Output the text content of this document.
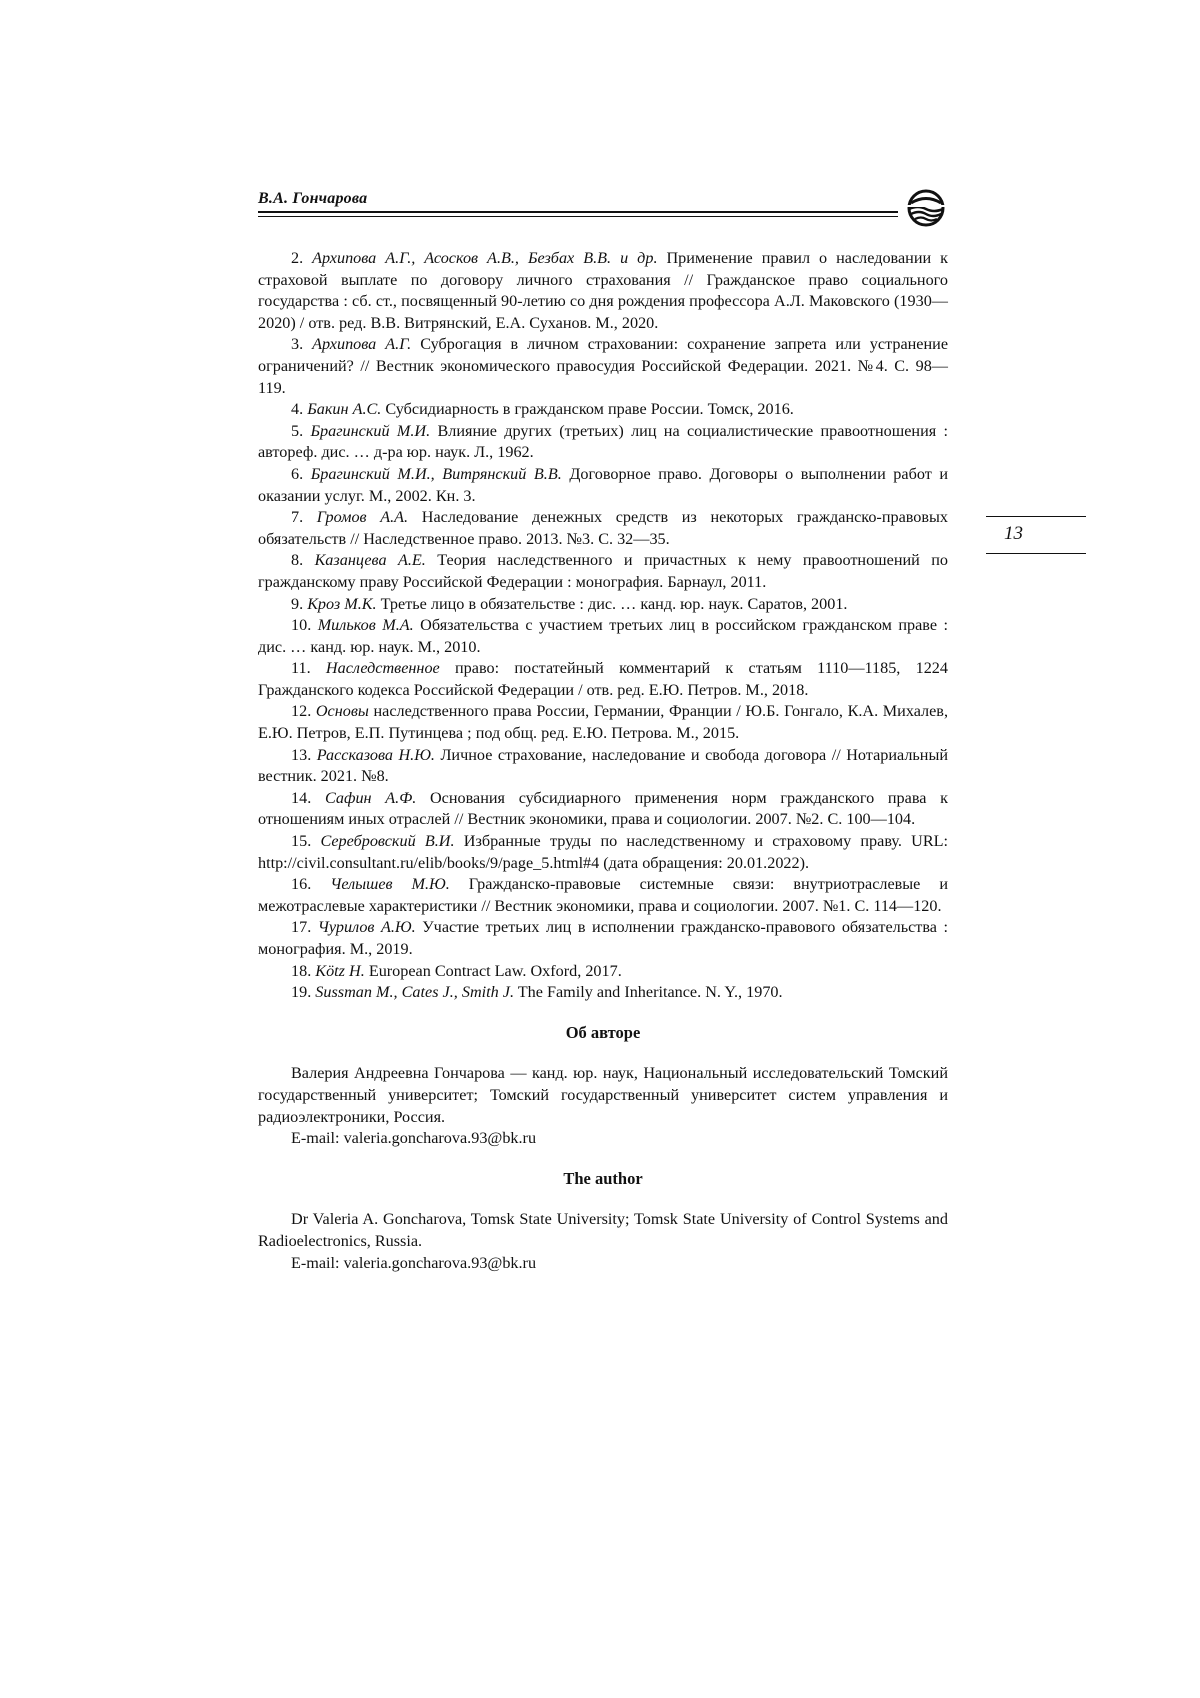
В.А. Гончарова
13

2. Архипова А.Г., Асосков А.В., Безбах В.В. и др. Применение правил о наследовании к страховой выплате по договору личного страхования // Гражданское право социального государства : сб. ст., посвященный 90-летию со дня рождения профессора А.Л. Маковского (1930—2020) / отв. ред. В.В. Витрянский, Е.А. Суханов. М., 2020.

3. Архипова А.Г. Суброгация в личном страховании: сохранение запрета или устранение ограничений? // Вестник экономического правосудия Российской Федерации. 2021. №4. С. 98—119.

4. Бакин А.С. Субсидиарность в гражданском праве России. Томск, 2016.

5. Брагинский М.И. Влияние других (третьих) лиц на социалистические правоотношения : автореф. дис. … д-ра юр. наук. Л., 1962.

6. Брагинский М.И., Витрянский В.В. Договорное право. Договоры о выполнении работ и оказании услуг. М., 2002. Кн. 3.

7. Громов А.А. Наследование денежных средств из некоторых гражданско-правовых обязательств // Наследственное право. 2013. №3. С. 32—35.

8. Казанцева А.Е. Теория наследственного и причастных к нему правоотношений по гражданскому праву Российской Федерации : монография. Барнаул, 2011.

9. Кроз М.К. Третье лицо в обязательстве : дис. … канд. юр. наук. Саратов, 2001.

10. Мильков М.А. Обязательства с участием третьих лиц в российском гражданском праве : дис. … канд. юр. наук. М., 2010.

11. Наследственное право: постатейный комментарий к статьям 1110—1185, 1224 Гражданского кодекса Российской Федерации / отв. ред. Е.Ю. Петров. М., 2018.

12. Основы наследственного права России, Германии, Франции / Ю.Б. Гонгало, К.А. Михалев, Е.Ю. Петров, Е.П. Путинцева ; под общ. ред. Е.Ю. Петрова. М., 2015.

13. Рассказова Н.Ю. Личное страхование, наследование и свобода договора // Нотариальный вестник. 2021. №8.

14. Сафин А.Ф. Основания субсидиарного применения норм гражданского права к отношениям иных отраслей // Вестник экономики, права и социологии. 2007. №2. С. 100—104.

15. Серебровский В.И. Избранные труды по наследственному и страховому праву. URL: http://civil.consultant.ru/elib/books/9/page_5.html#4 (дата обращения: 20.01.2022).

16. Челышев М.Ю. Гражданско-правовые системные связи: внутриотраслевые и межотраслевые характеристики // Вестник экономики, права и социологии. 2007. №1. С. 114—120.

17. Чурилов А.Ю. Участие третьих лиц в исполнении гражданско-правового обязательства : монография. М., 2019.

18. Kötz H. European Contract Law. Oxford, 2017.

19. Sussman M., Cates J., Smith J. The Family and Inheritance. N. Y., 1970.

Об авторе

Валерия Андреевна Гончарова — канд. юр. наук, Национальный исследовательский Томский государственный университет; Томский государственный университет систем управления и радиоэлектроники, Россия.

E-mail: valeria.goncharova.93@bk.ru

The author

Dr Valeria A. Goncharova, Tomsk State University; Tomsk State University of Control Systems and Radioelectronics, Russia.

E-mail: valeria.goncharova.93@bk.ru
